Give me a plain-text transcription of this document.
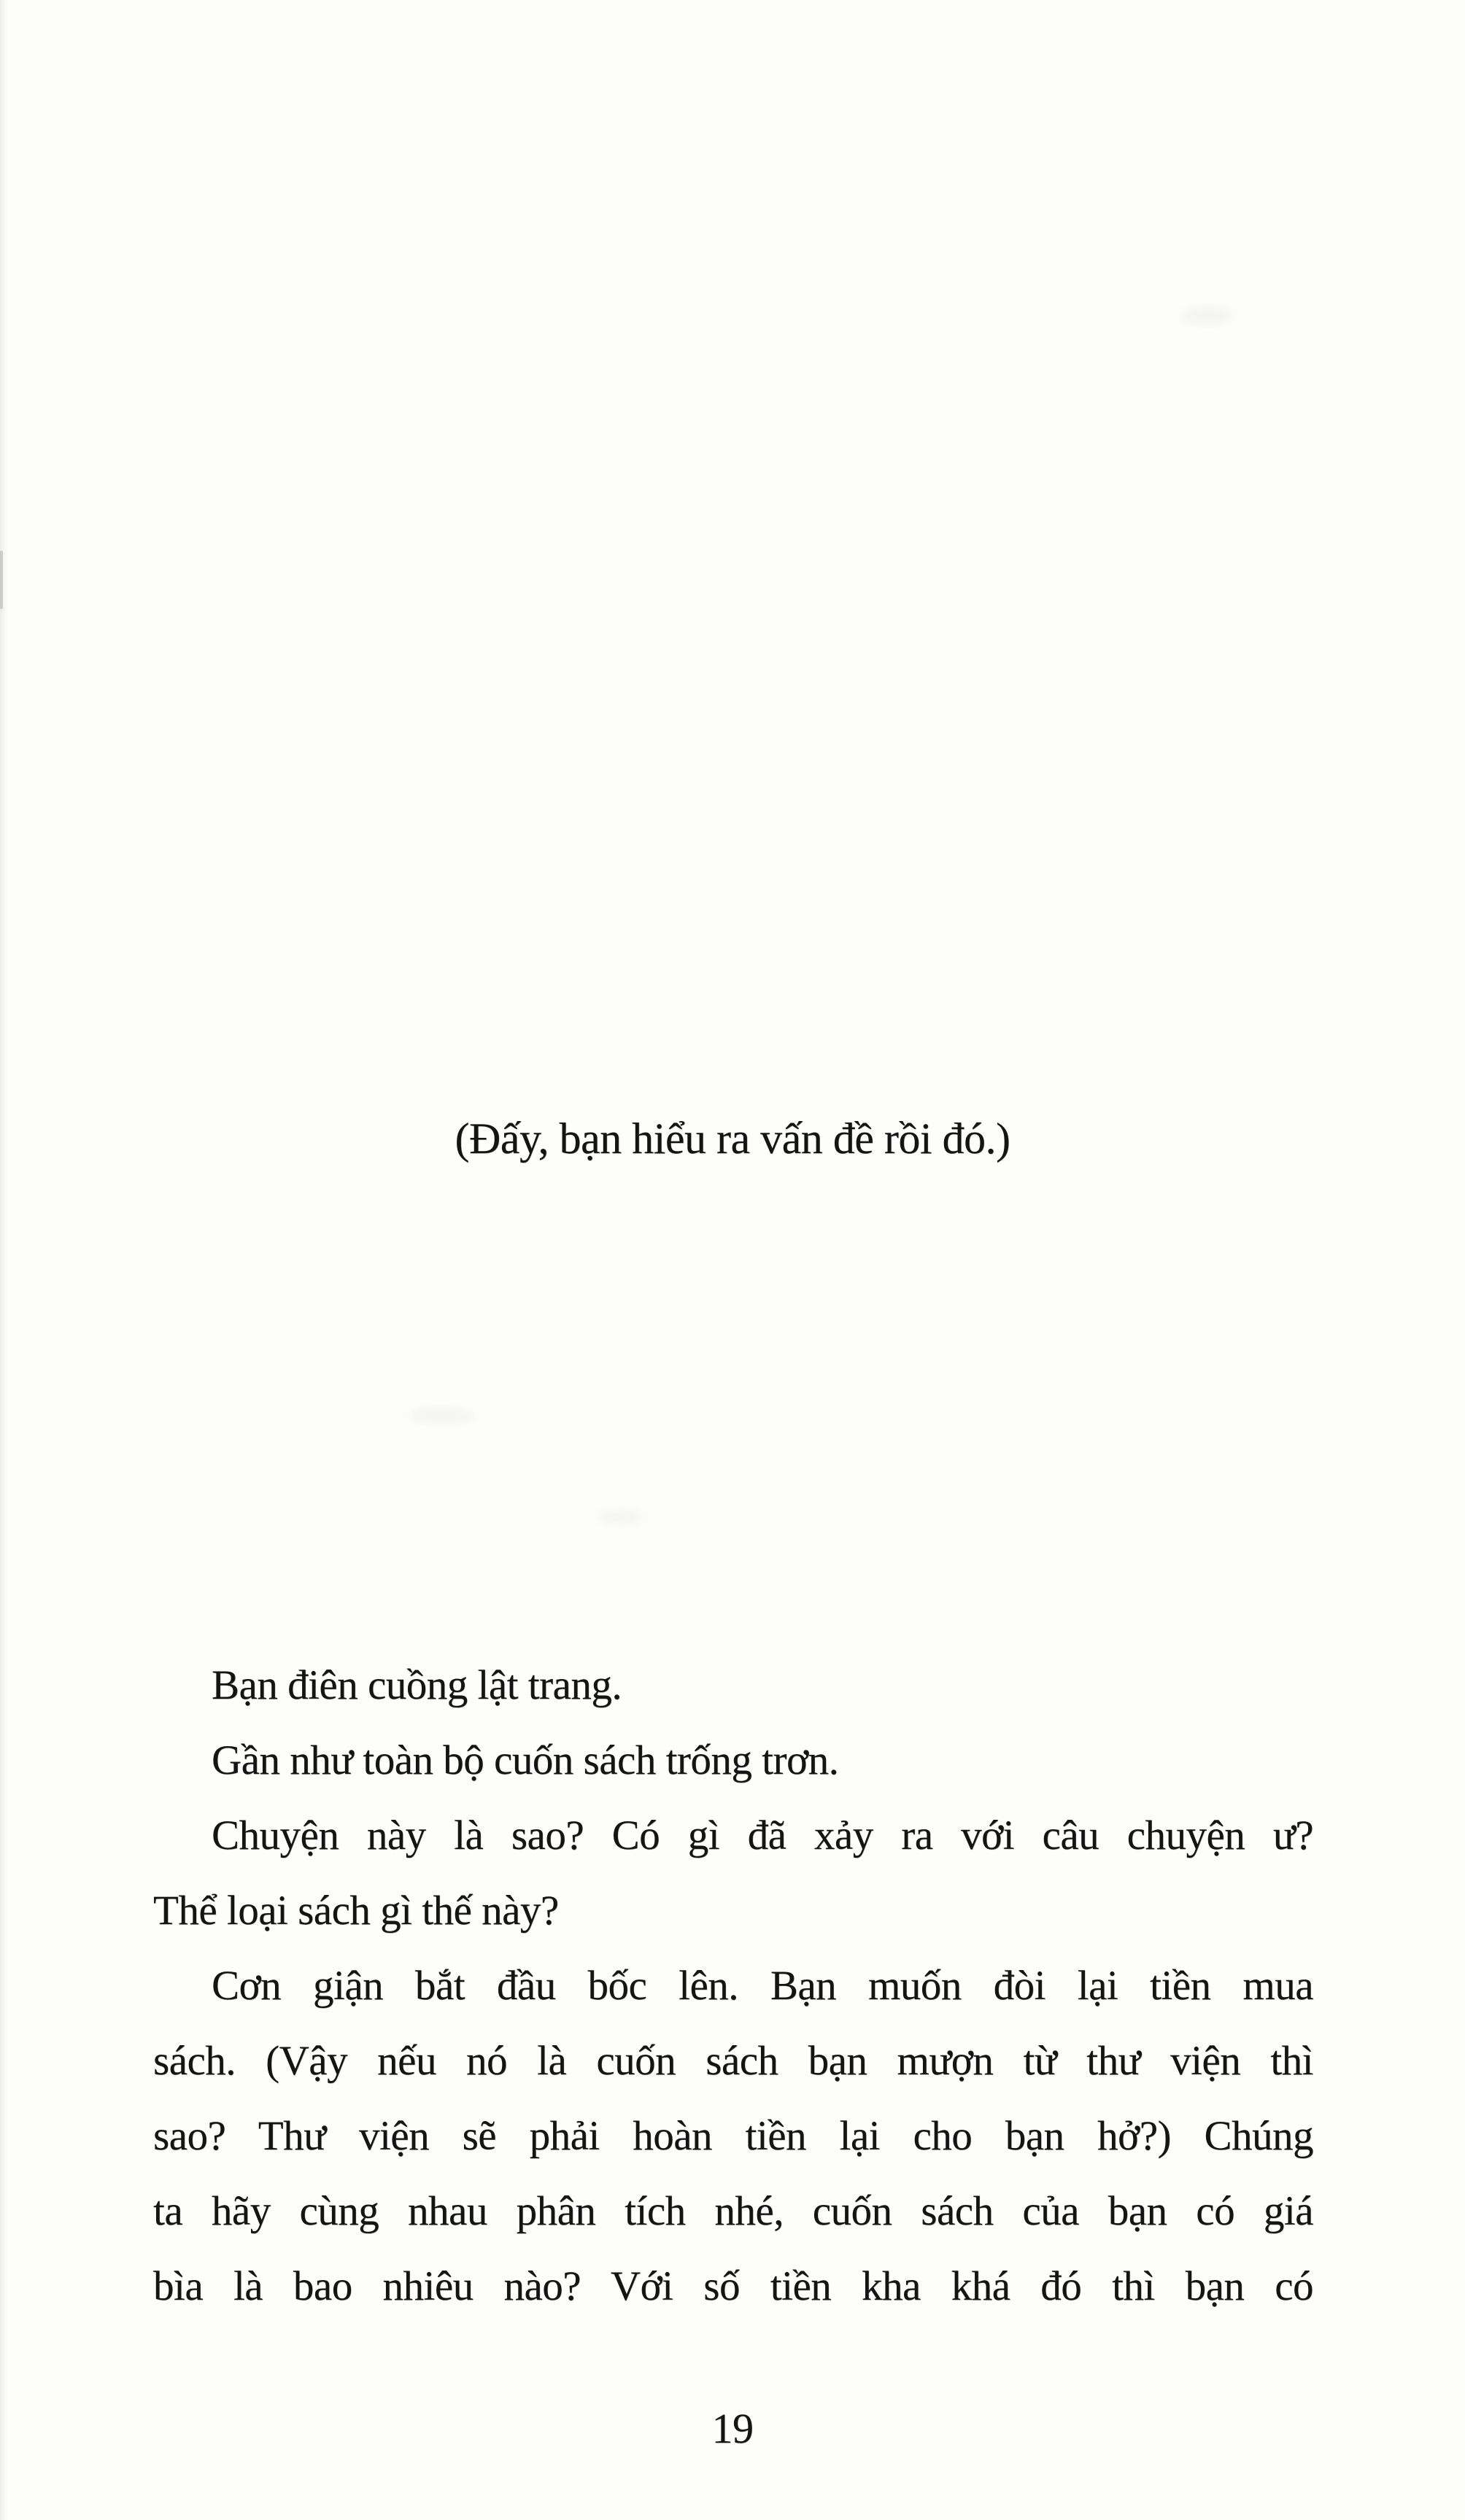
(Đấy, bạn hiểu ra vấn đề rồi đó.)
Bạn điên cuồng lật trang.
Gần như toàn bộ cuốn sách trống trơn.
Chuyện này là sao? Có gì đã xảy ra với câu chuyện ư?
Thể loại sách gì thế này?
Cơn giận bắt đầu bốc lên. Bạn muốn đòi lại tiền mua
sách. (Vậy nếu nó là cuốn sách bạn mượn từ thư viện thì
sao? Thư viện sẽ phải hoàn tiền lại cho bạn hở?) Chúng
ta hãy cùng nhau phân tích nhé, cuốn sách của bạn có giá
bìa là bao nhiêu nào? Với số tiền kha khá đó thì bạn có
19
